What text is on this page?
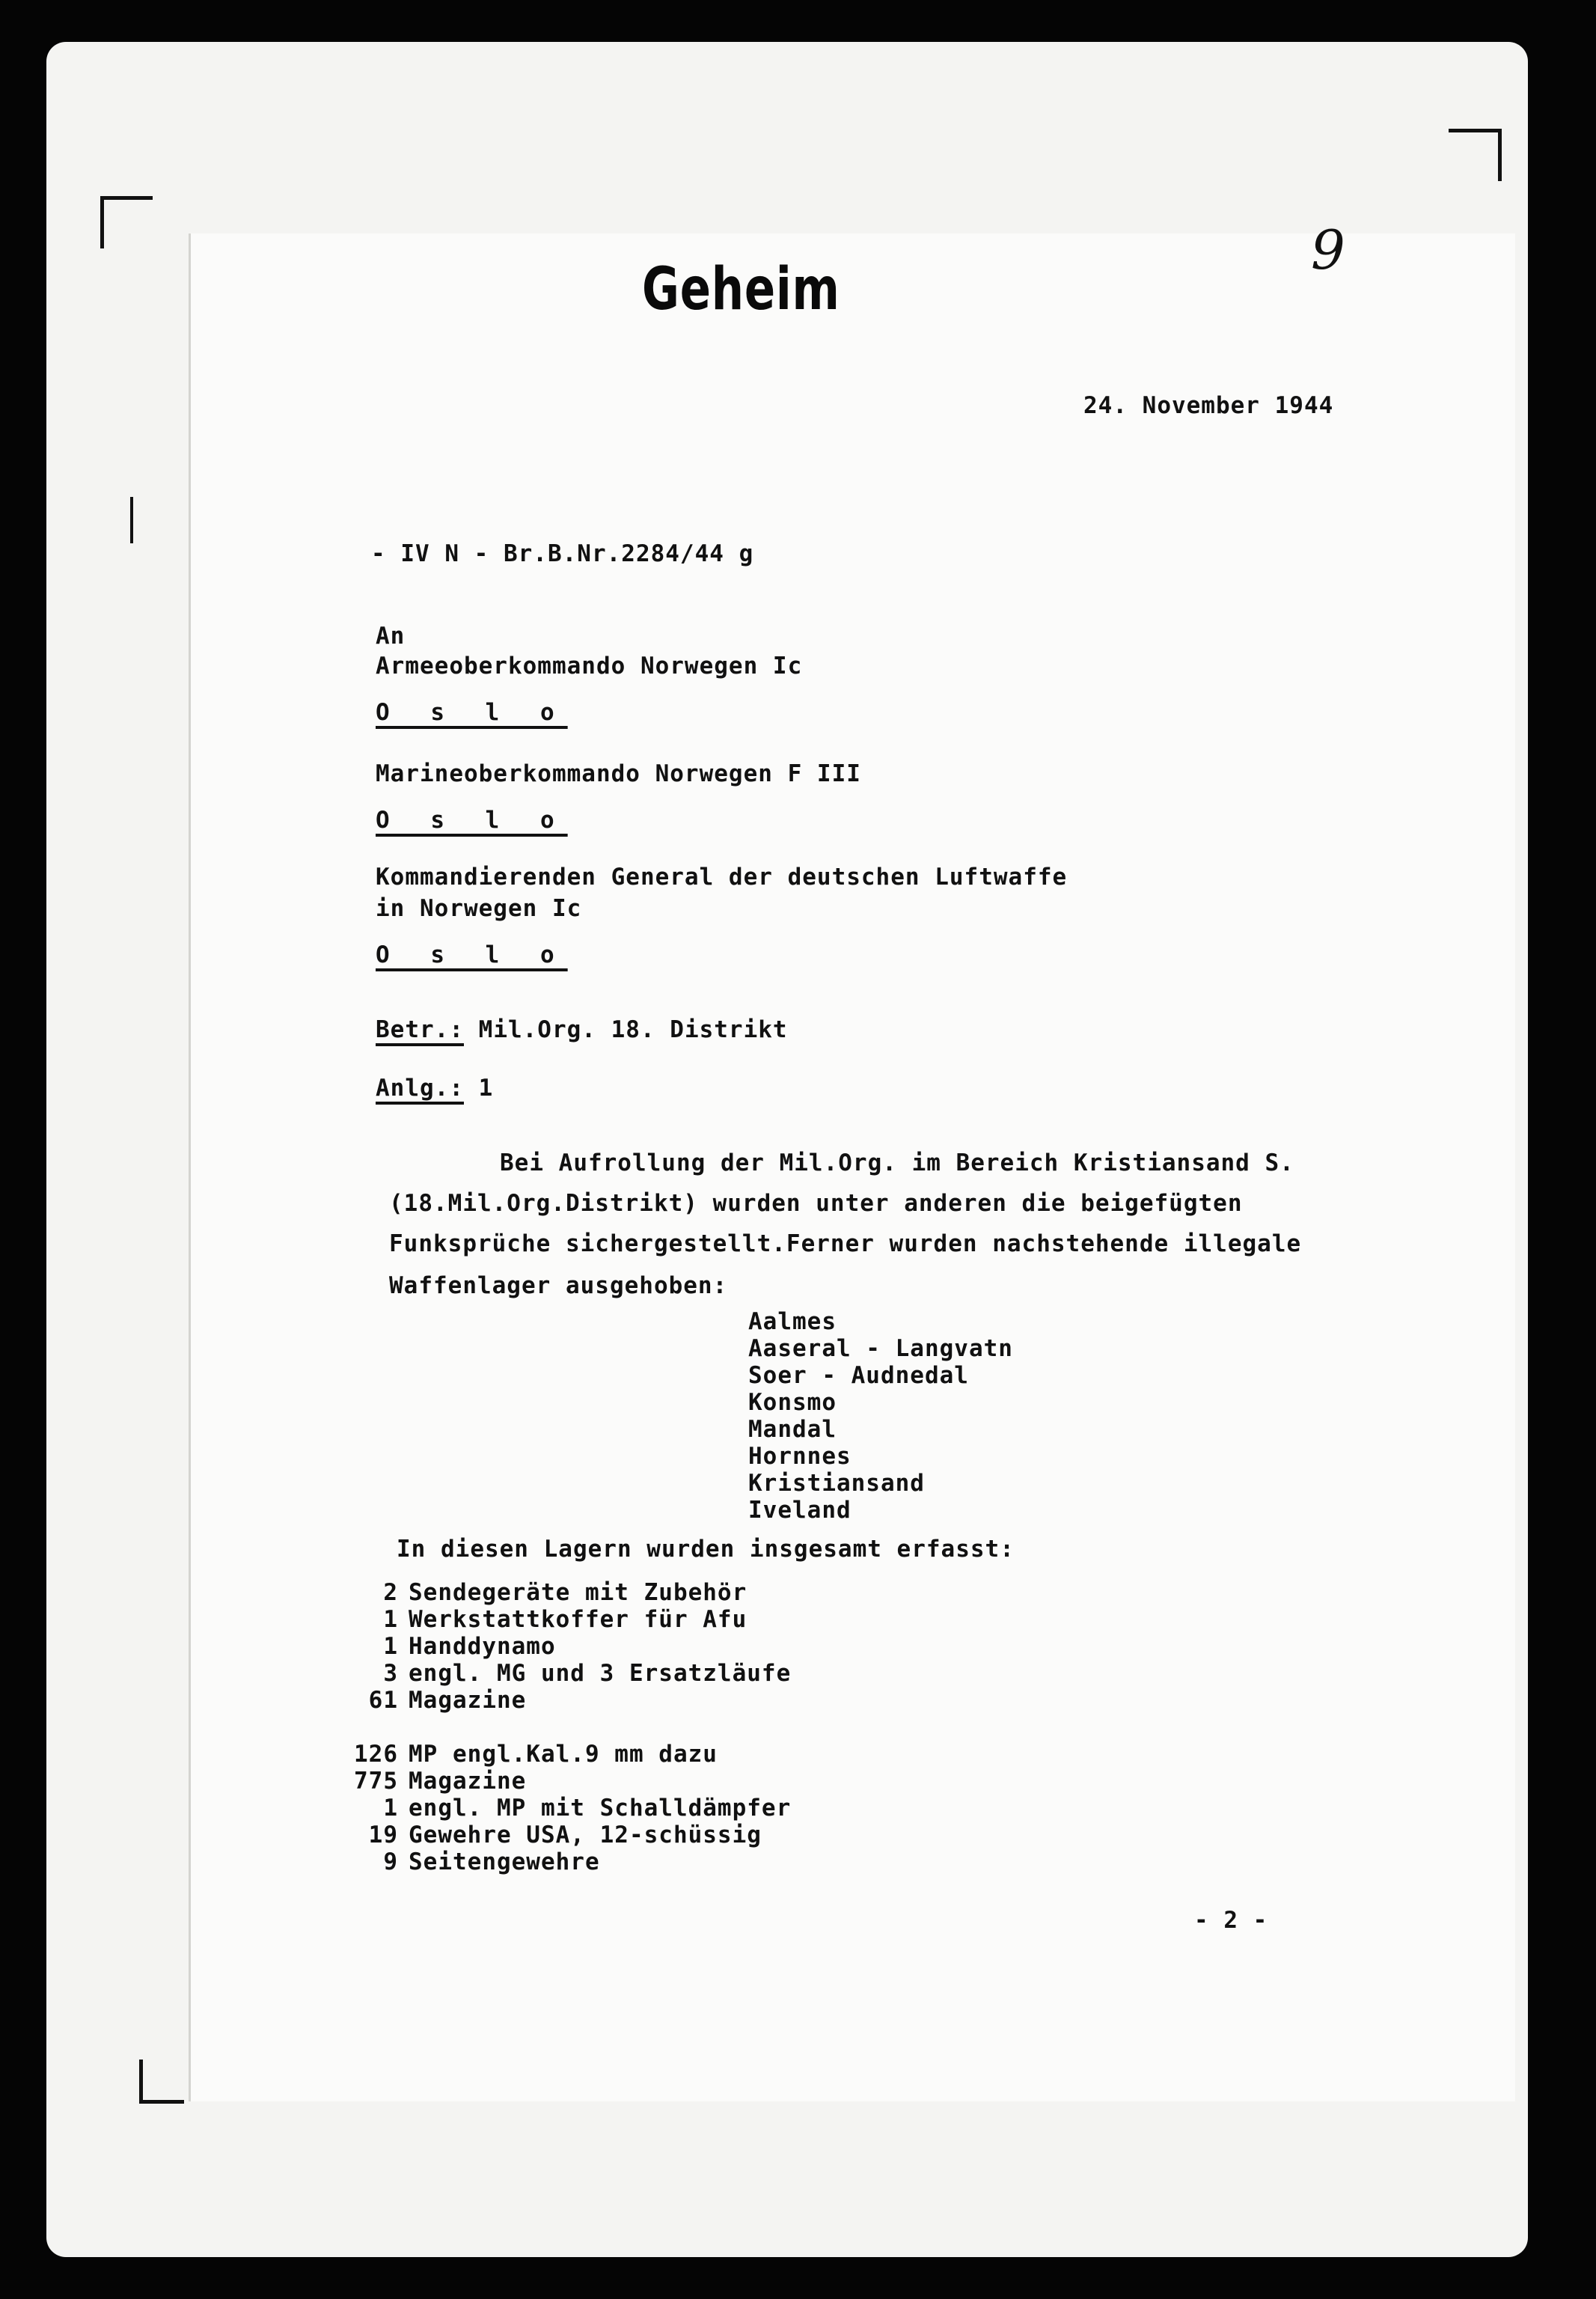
Geheim
9
24. November 1944
- IV N - Br.B.Nr.2284/44 g
An
Armeeoberkommando Norwegen Ic
O s l o
Marineoberkommando Norwegen F III
O s l o
Kommandierenden General der deutschen Luftwaffe
in Norwegen Ic
O s l o
Betr.: Mil.Org. 18. Distrikt
Anlg.: 1
Bei Aufrollung der Mil.Org. im Bereich Kristiansand S.
(18.Mil.Org.Distrikt) wurden unter anderen die beigefügten
Funksprüche sichergestellt.Ferner wurden nachstehende illegale
Waffenlager ausgehoben:
Aalmes
Aaseral - Langvatn
Soer - Audnedal
Konsmo
Mandal
Hornnes
Kristiansand
Iveland
In diesen Lagern wurden insgesamt erfasst:
2 Sendegeräte mit Zubehör
1 Werkstattkoffer für Afu
1 Handdynamo
3 engl. MG und 3 Ersatzläufe
61 Magazine
126 MP engl.Kal.9 mm dazu
775 Magazine
1 engl. MP mit Schalldämpfer
19 Gewehre USA, 12-schüssig
9 Seitengewehre
- 2 -
